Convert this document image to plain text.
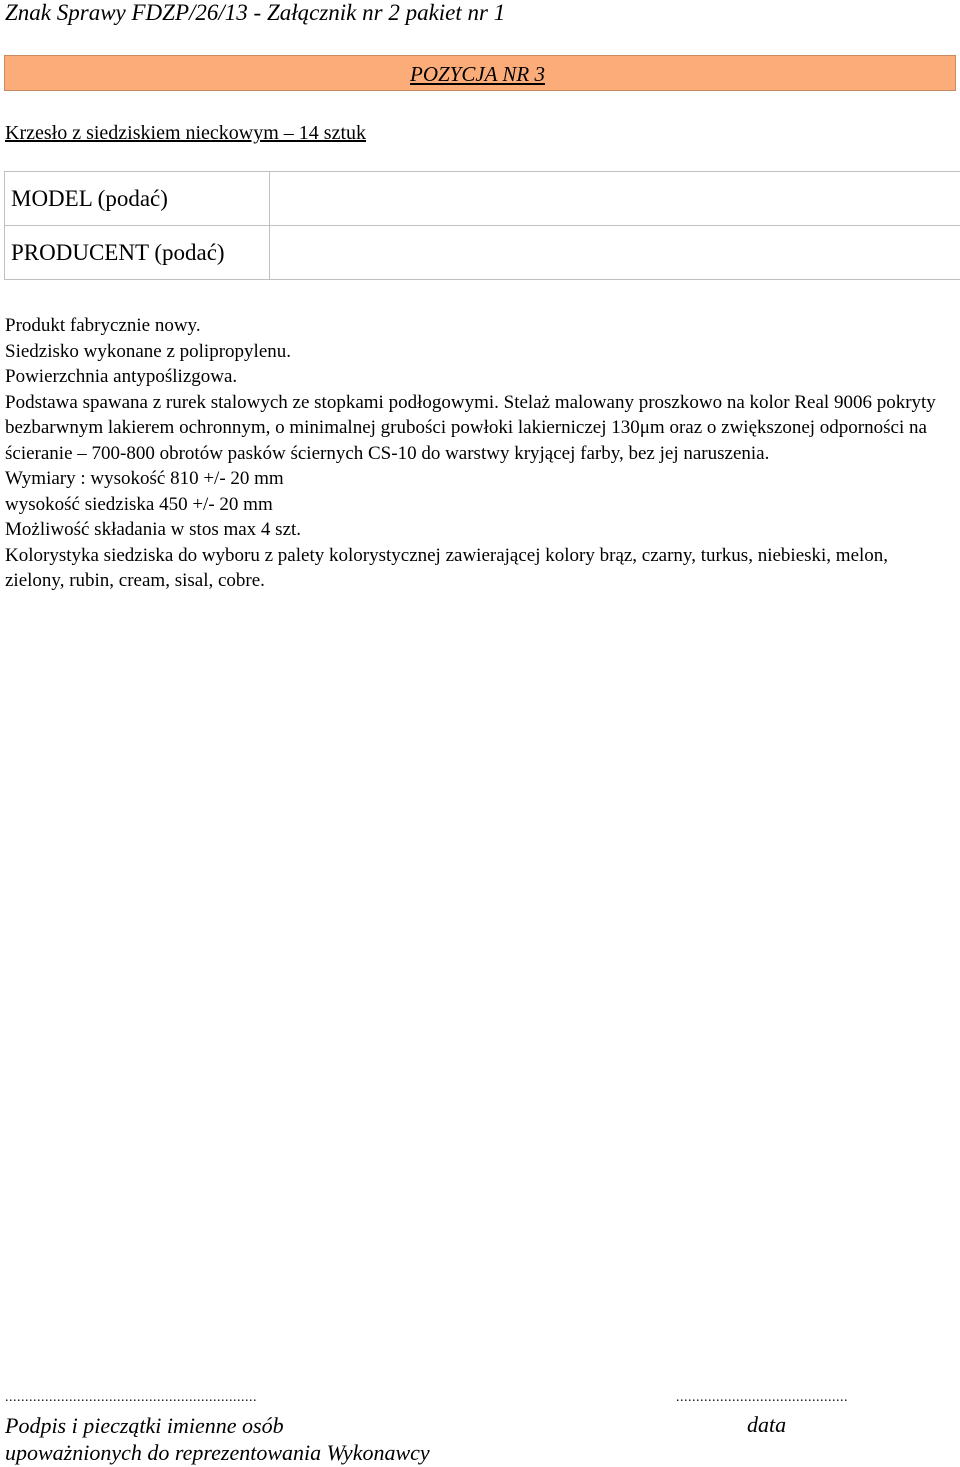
Znak Sprawy FDZP/26/13 - Załącznik nr 2 pakiet nr 1
POZYCJA NR 3
Krzesło z siedziskiem nieckowym – 14 sztuk
MODEL (podać)	
PRODUCENT (podać)	

Produkt fabrycznie nowy.

Siedzisko wykonane z polipropylenu.

Powierzchnia antypoślizgowa.

Podstawa spawana z rurek stalowych ze stopkami podłogowymi. Stelaż malowany proszkowo na kolor Real 9006 pokryty bezbarwnym lakierem ochronnym, o minimalnej grubości powłoki lakierniczej 130μm oraz o zwiększonej odporności na ścieranie – 700-800 obrotów pasków ściernych CS-10 do warstwy kryjącej farby, bez jej naruszenia.

Wymiary : wysokość 810 +/- 20 mm

wysokość siedziska 450 +/- 20 mm

Możliwość składania w stos max 4 szt.

Kolorystyka siedziska do wyboru z palety kolorystycznej zawierającej kolory brąz, czarny, turkus, niebieski, melon, zielony, rubin, cream, sisal, cobre.

...............................................................	...........................................
Podpis i pieczątki imienne osób
upoważnionych do reprezentowania Wykonawcy
data
